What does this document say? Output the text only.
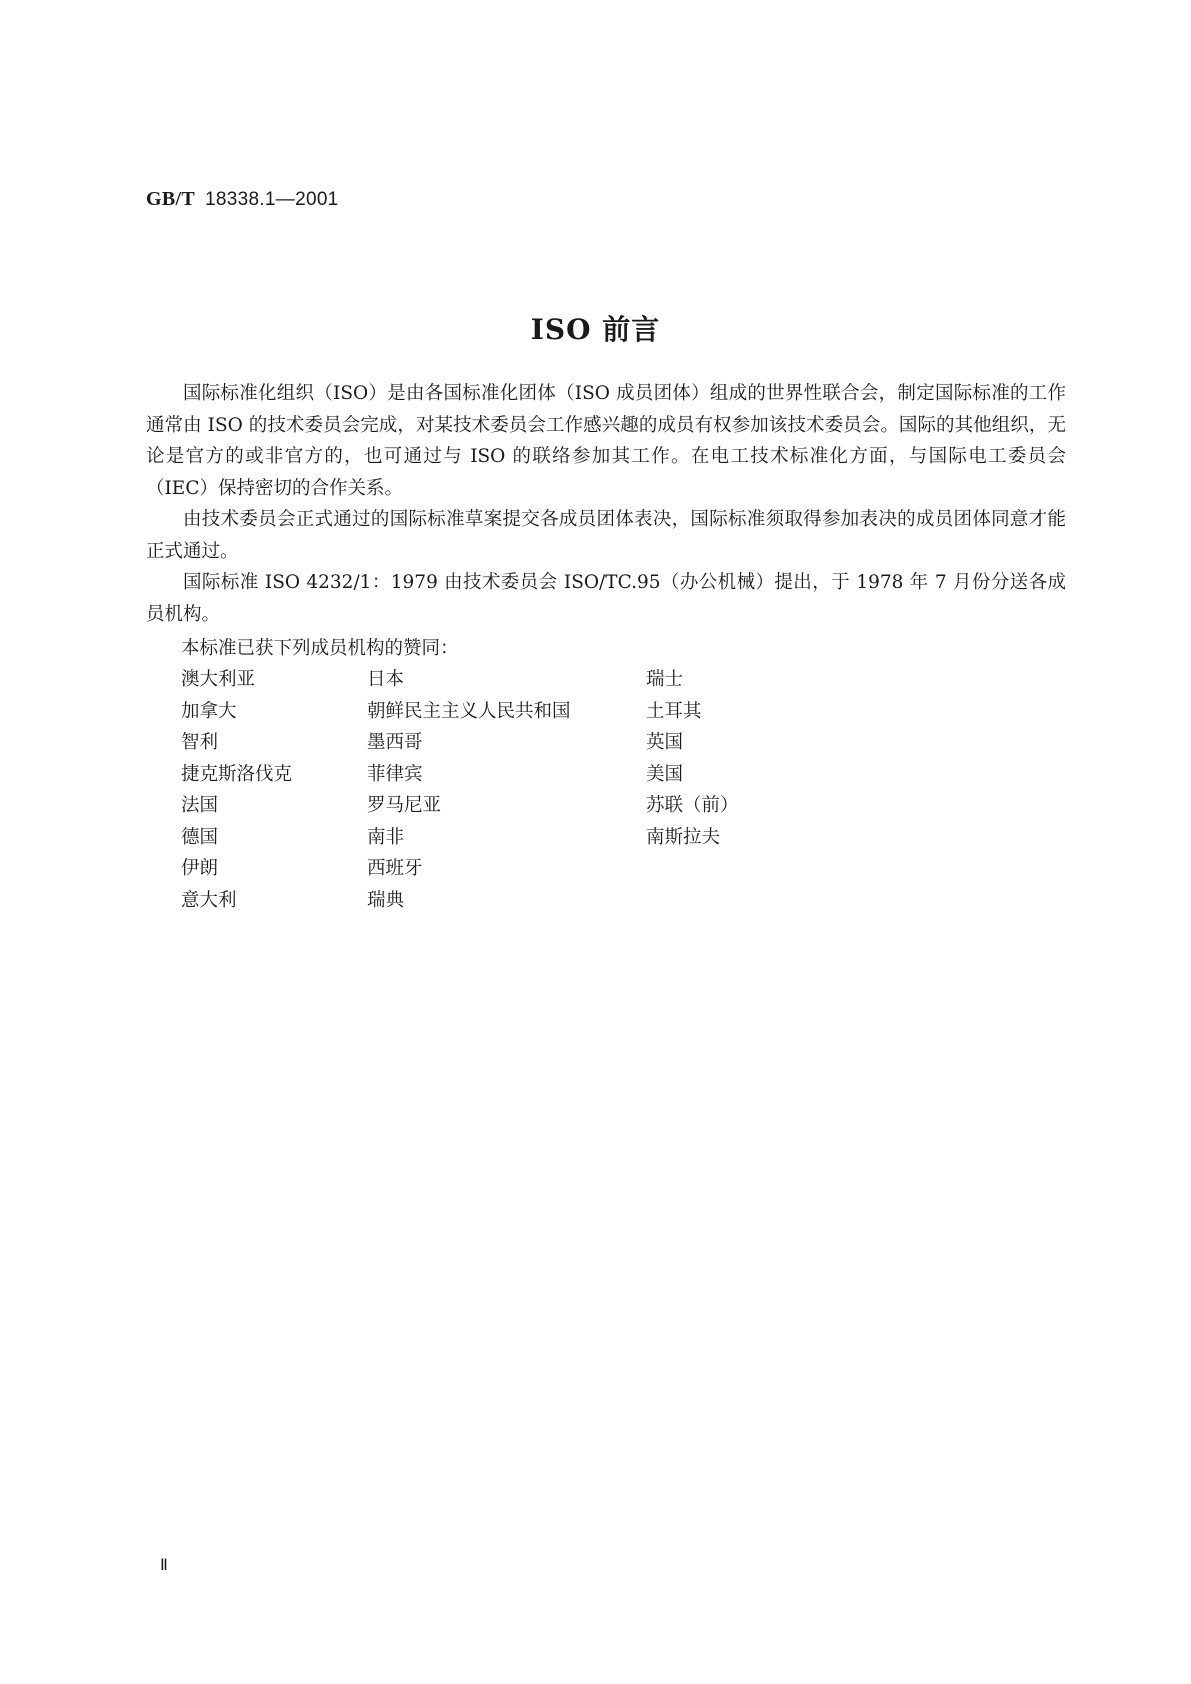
GB/T 18338.1—2001
ISO 前言

国际标准化组织（ISO）是由各国标准化团体（ISO 成员团体）组成的世界性联合会，制定国际标准的工作通常由 ISO 的技术委员会完成，对某技术委员会工作感兴趣的成员有权参加该技术委员会。国际的其他组织，无论是官方的或非官方的，也可通过与 ISO 的联络参加其工作。在电工技术标准化方面，与国际电工委员会（IEC）保持密切的合作关系。

由技术委员会正式通过的国际标准草案提交各成员团体表决，国际标准须取得参加表决的成员团体同意才能正式通过。

国际标准 ISO 4232/1：1979 由技术委员会 ISO/TC.95（办公机械）提出，于 1978 年 7 月份分送各成员机构。

本标准已获下列成员机构的赞同：
澳大利亚
加拿大
智利
捷克斯洛伐克
法国
德国
伊朗
意大利
日本
朝鲜民主主义人民共和国
墨西哥
菲律宾
罗马尼亚
南非
西班牙
瑞典
瑞士
土耳其
英国
美国
苏联（前）
南斯拉夫
Ⅱ
